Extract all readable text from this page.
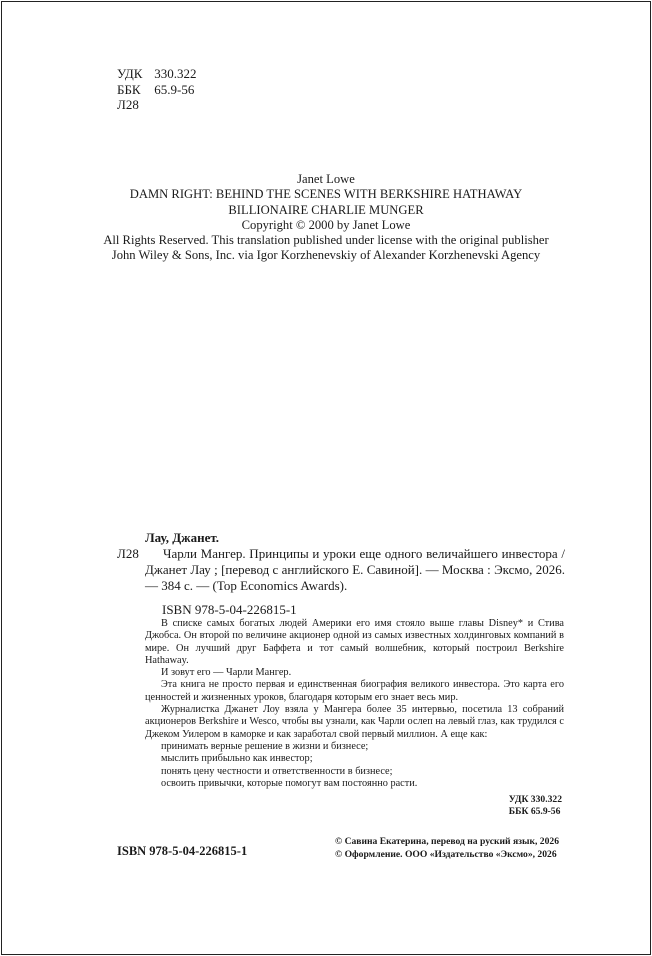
УДК 330.322
ББК 65.9-56
Л28
Janet Lowe
DAMN RIGHT: BEHIND THE SCENES WITH BERKSHIRE HATHAWAY
BILLIONAIRE CHARLIE MUNGER
Copyright © 2000 by Janet Lowe
All Rights Reserved. This translation published under license with the original publisher
John Wiley & Sons, Inc. via Igor Korzhenevskiy of Alexander Korzhenevski Agency
Лау, Джанет.
Л28	Чарли Мангер. Принципы и уроки еще одного величайшего инвестора / Джанет Лау ; [перевод с английского Е. Савиной]. — Москва : Эксмо, 2026. — 384 с. — (Top Economics Awards).
ISBN 978-5-04-226815-1

В списке самых богатых людей Америки его имя стояло выше главы Disney* и Стива Джобса. Он второй по величине акционер одной из самых известных холдинговых компаний в мире. Он лучший друг Баффета и тот самый волшебник, который построил Berkshire Hathaway.

И зовут его — Чарли Мангер.

Эта книга не просто первая и единственная биография великого инвестора. Это карта его ценностей и жизненных уроков, благодаря которым его знает весь мир.

Журналистка Джанет Лоу взяла у Мангера более 35 интервью, посетила 13 собраний акционеров Berkshire и Wesco, чтобы вы узнали, как Чарли ослеп на левый глаз, как трудился с Джеком Уилером в каморке и как заработал свой первый миллион. А еще как:

принимать верные решение в жизни и бизнесе;

мыслить прибыльно как инвестор;

понять цену честности и ответственности в бизнесе;

освоить привычки, которые помогут вам постоянно расти.

УДК 330.322
ББК 65.9-56
ISBN 978-5-04-226815-1
© Савина Екатерина, перевод на руский язык, 2026
© Оформление. ООО «Издательство «Эксмо», 2026
